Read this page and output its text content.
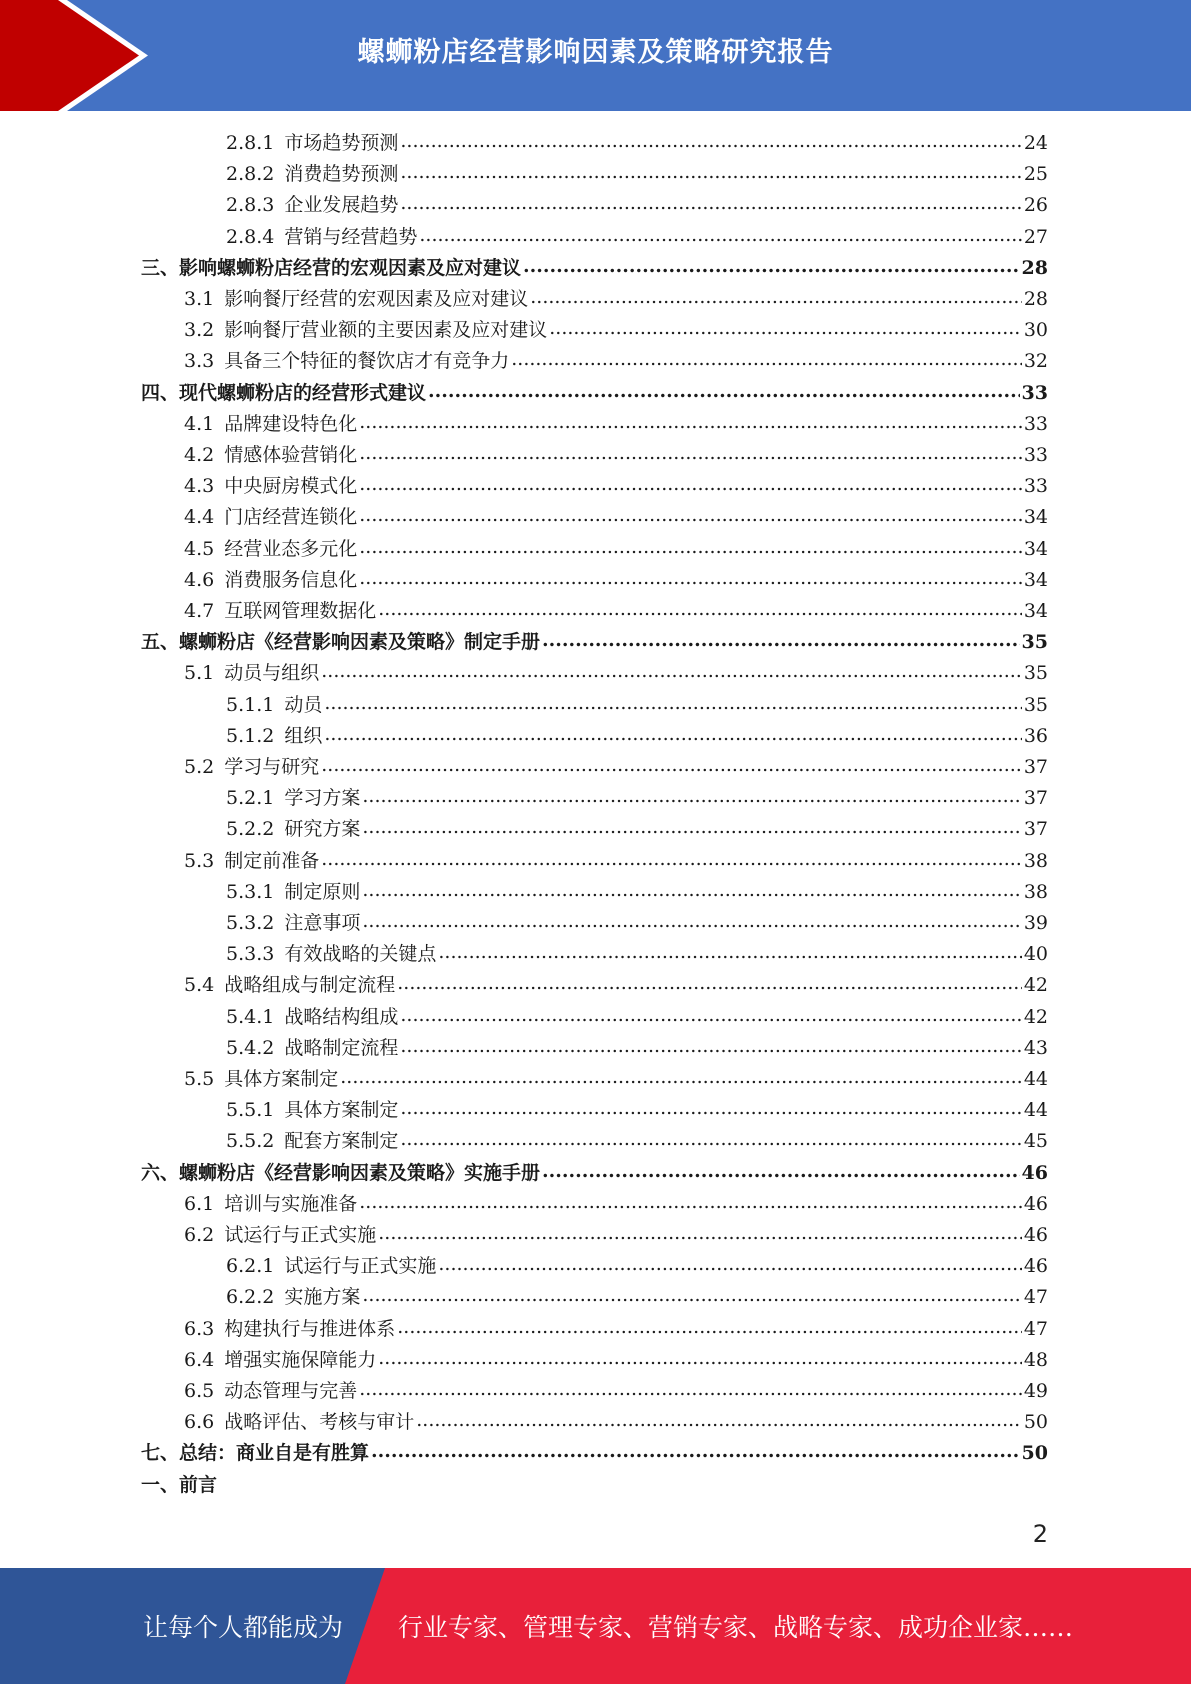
螺蛳粉店经营影响因素及策略研究报告
2.8.1 市场趋势预测 .....	24
2.8.2 消费趋势预测 .....	25
2.8.3 企业发展趋势 .....	26
2.8.4 营销与经营趋势 .....	27
三、影响螺蛳粉店经营的宏观因素及应对建议 .....	28
3.1 影响餐厅经营的宏观因素及应对建议 .....	28
3.2 影响餐厅营业额的主要因素及应对建议 .....	30
3.3 具备三个特征的餐饮店才有竞争力 .....	32
四、现代螺蛳粉店的经营形式建议 .....	33
4.1 品牌建设特色化 .....	33
4.2 情感体验营销化 .....	33
4.3 中央厨房模式化 .....	33
4.4 门店经营连锁化 .....	34
4.5 经营业态多元化 .....	34
4.6 消费服务信息化 .....	34
4.7 互联网管理数据化 .....	34
五、螺蛳粉店《经营影响因素及策略》制定手册 .....	35
5.1 动员与组织 .....	35
5.1.1 动员 .....	35
5.1.2 组织 .....	36
5.2 学习与研究 .....	37
5.2.1 学习方案 .....	37
5.2.2 研究方案 .....	37
5.3 制定前准备 .....	38
5.3.1 制定原则 .....	38
5.3.2 注意事项 .....	39
5.3.3 有效战略的关键点 .....	40
5.4 战略组成与制定流程 .....	42
5.4.1 战略结构组成 .....	42
5.4.2 战略制定流程 .....	43
5.5 具体方案制定 .....	44
5.5.1 具体方案制定 .....	44
5.5.2 配套方案制定 .....	45
六、螺蛳粉店《经营影响因素及策略》实施手册 .....	46
6.1 培训与实施准备 .....	46
6.2 试运行与正式实施 .....	46
6.2.1 试运行与正式实施 .....	46
6.2.2 实施方案 .....	47
6.3 构建执行与推进体系 .....	47
6.4 增强实施保障能力 .....	48
6.5 动态管理与完善 .....	49
6.6 战略评估、考核与审计 .....	50
七、总结：商业自是有胜算 .....	50
一、前言
2
让每个人都能成为 行业专家、管理专家、营销专家、战略专家、成功企业家……
